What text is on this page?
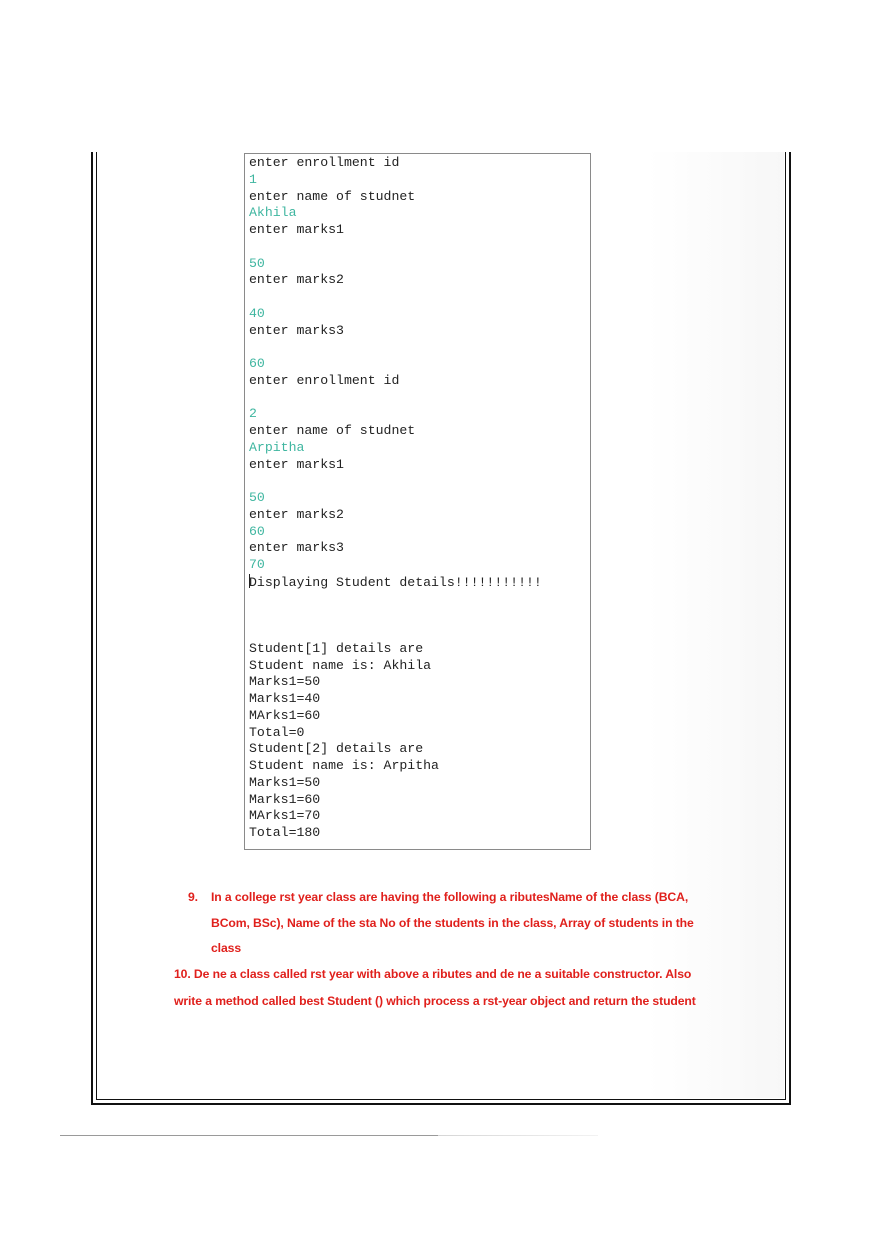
enter enrollment id
1
enter name of studnet
Akhila
enter marks1
50
enter marks2
40
enter marks3
60
enter enrollment id
2
enter name of studnet
Arpitha
enter marks1
50
enter marks2
60
enter marks3
70
Displaying Student details!!!!!!!!!!!
Student[1] details are
Student name is: Akhila
Marks1=50
Marks1=40
MArks1=60
Total=0
Student[2] details are
Student name is: Arpitha
Marks1=50
Marks1=60
MArks1=70
Total=180
9. In a college rst year class are having the following a ributesName of the class (BCA,
BCom, BSc), Name of the sta No of the students in the class, Array of students in the
class
10. De ne a class called rst year with above a ributes and de ne a suitable constructor. Also
write a method called best Student () which process a rst-year object and return the student
